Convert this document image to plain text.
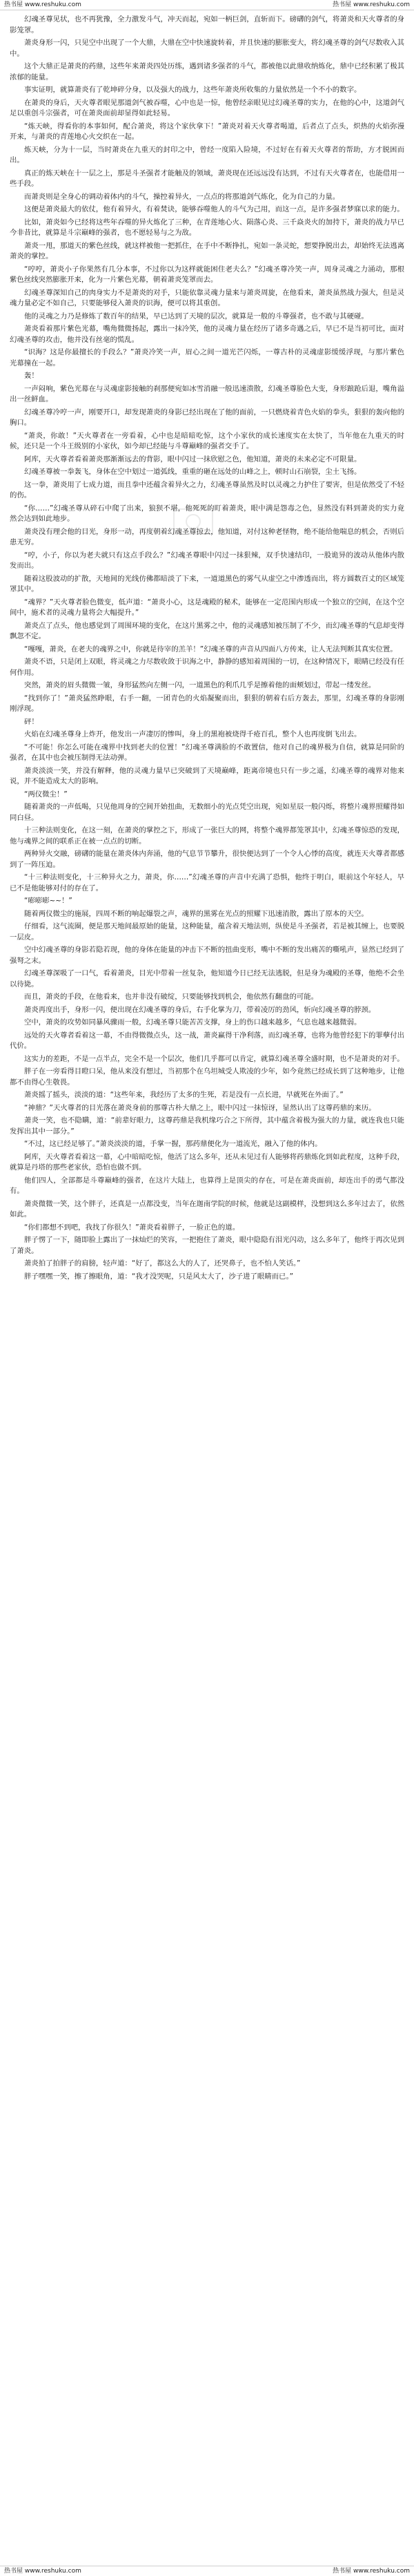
热书屋 www.reshuku.com	热书屋 www.reshuku.com

幻魂圣尊见状，也不再犹豫，全力激发斗气，冲天而起，宛如一柄巨剑，直斩而下。磅礴的剑气，将萧炎和天火尊者的身影笼罩。

萧炎身形一闪，只见空中出现了一个大鼎，大鼎在空中快速旋转着，并且快速的膨胀变大，将幻魂圣尊的剑气尽数收入其中。

这个大鼎正是萧炎的药鼎，这些年来萧炎四处历练，遇到诸多强者的斗气，都被他以此鼎收纳炼化，鼎中已经积累了极其浓郁的能量。

事实证明，就算萧炎有了乾坤碎分身，以及强大的战力，这些年萧炎所收集的力量依然是一个不小的数字。

在萧炎的身后，天火尊者眼见那道剑气被吞噬，心中也是一惊，他曾经亲眼见过幻魂圣尊的实力，在他的心中，这道剑气足以重创斗宗强者，可在萧炎面前却显得如此轻易。

“炼天峡，得看你的本事如何，配合萧炎，将这个家伙拿下！”萧炎对着天火尊者喝道，后者点了点头，炽热的火焰弥漫开来，与萧炎的青莲地心火交织在一起。

炼天峡，分为十一层，当时萧炎在九重天的封印之中，曾经一度陷入险境，不过好在有着天火尊者的帮助，方才脱困而出。

真正的炼天峡在十一层之上，那是斗圣强者才能触及的领域，萧炎现在还远远没有达到，不过有天火尊者在，也能借用一些手段。

而萧炎则是全身心的调动着体内的斗气，操控着异火，一点点的将那道剑气炼化，化为自己的力量。

这便是萧炎最大的依仗，他有着异火，有着焚诀，能够吞噬他人的斗气为己用，而这一点，是许多强者梦寐以求的能力。

比如，萧炎如今已经将这些年吞噬的异火炼化了三种，在青莲地心火、陨落心炎、三千焱炎火的加持下，萧炎的战力早已今非昔比，就算是斗宗巅峰的强者，也不愿轻易与之为敌。

萧炎一甩，那道天的紫色丝线，就这样被他一把抓住，在手中不断挣扎，宛如一条灵蛇，想要挣脱出去，却始终无法逃离萧炎的掌控。

“哼哼，萧炎小子你果然有几分本事，不过你以为这样就能困住老夫么？”幻魂圣尊冷笑一声，周身灵魂之力涌动，那根紫色丝线突然膨胀开来，化为一片紫色光幕，朝着萧炎笼罩而去。

幻魂圣尊深知自己的肉身实力不是萧炎的对手，只能依靠灵魂力量来与萧炎周旋，在他看来，萧炎虽然战力强大，但是灵魂力量必定不如自己，只要能够侵入萧炎的识海，便可以将其重创。

他的灵魂之力乃是修炼了数百年的结果，早已达到了天境的层次，就算是一般的斗尊强者，也不敢与其硬碰。

萧炎看着那片紫色光幕，嘴角微微扬起，露出一抹冷笑，他的灵魂力量在经历了诸多奇遇之后，早已不是当初可比，面对幻魂圣尊的攻击，他并没有丝毫的慌乱。

“识海？这是你最擅长的手段么？”萧炎冷笑一声，眉心之间一道光芒闪烁，一尊古朴的灵魂虚影缓缓浮现，与那片紫色光幕撞在一起。

轰！

一声闷响，紫色光幕在与灵魂虚影接触的刹那便宛如冰雪消融一般迅速溃散，幻魂圣尊脸色大变，身形踉跄后退，嘴角溢出一丝鲜血。

幻魂圣尊冷哼一声，刚要开口，却发现萧炎的身影已经出现在了他的面前，一只燃烧着青色火焰的拳头，狠狠的轰向他的胸口。

“萧炎，你敢！”天火尊者在一旁看着，心中也是暗暗吃惊，这个小家伙的成长速度实在太快了，当年他在九重天的时候，还只是一个斗王级别的小家伙，如今却已经能与斗尊巅峰的强者交手了。

阿库，天火尊者看着萧炎那渐渐远去的背影，眼中闪过一抹欣慰之色，他知道，萧炎的未来必定不可限量。

幻魂圣尊被一拳轰飞，身体在空中划过一道弧线，重重的砸在远处的山峰之上，顿时山石崩裂，尘土飞扬。

这一拳，萧炎用了七成力道，而且拳中还蕴含着异火之力，幻魂圣尊虽然及时以灵魂之力护住了要害，但是依然受了不轻的伤。

“你……”幻魂圣尊从碎石中爬了出来，狼狈不堪，他死死的盯着萧炎，眼中满是怨毒之色，显然没有料到萧炎的实力竟然会达到如此地步。

萧炎没有理会他的目光，身形一动，再度朝着幻魂圣尊掠去，他知道，对付这种老怪物，绝不能给他喘息的机会，否则后患无穷。

“哼，小子，你以为老夫就只有这点手段么？”幻魂圣尊眼中闪过一抹狠辣，双手快速结印，一股诡异的波动从他体内散发而出。

随着这股波动的扩散，天地间的光线仿佛都暗淡了下来，一道道黑色的雾气从虚空之中渗透而出，将方圆数百丈的区域笼罩其中。

“魂界？”天火尊者脸色微变，低声道：“萧炎小心，这是魂殿的秘术，能够在一定范围内形成一个独立的空间，在这个空间中，施术者的灵魂力量将会大幅提升。”

萧炎点了点头，他也感觉到了周围环境的变化，在这片黑雾之中，他的灵魂感知被压制了不少，而幻魂圣尊的气息却变得飘忽不定。

“嘎嘎，萧炎，在老夫的魂界之中，你就是待宰的羔羊！”幻魂圣尊的声音从四面八方传来，让人无法判断其真实位置。

萧炎不语，只是闭上双眼，将灵魂之力尽数收敛于识海之中，静静的感知着周围的一切，在这种情况下，眼睛已经没有任何作用。

突然，萧炎的眉头微微一皱，身形猛然向左侧一闪，一道黑色的利爪几乎是擦着他的面颊划过，带起一缕发丝。

“找到你了！”萧炎猛然睁眼，右手一翻，一团青色的火焰凝聚而出，狠狠的朝着右后方轰去，那里，幻魂圣尊的身影刚刚浮现。

砰！

火焰在幻魂圣尊身上炸开，他发出一声凄厉的惨叫，身上的黑袍被烧得千疮百孔，整个人也再度倒飞出去。

“不可能！你怎么可能在魂界中找到老夫的位置！”幻魂圣尊满脸的不敢置信，他对自己的魂界极为自信，就算是同阶的强者，在其中也会被压制得无法动弹。

萧炎淡淡一笑，并没有解释，他的灵魂力量早已突破到了天境巅峰，距离帝境也只有一步之遥，幻魂圣尊的魂界对他来说，并不能造成太大的影响。

“两仪微尘！”

随着萧炎的一声低喝，只见他周身的空间开始扭曲，无数细小的光点凭空出现，宛如星辰一般闪烁，将整片魂界照耀得如同白昼。

十三种法则变化，在这一刻，在萧炎的掌控之下，形成了一张巨大的网，将整个魂界都笼罩其中，幻魂圣尊惊恐的发现，他与魂界之间的联系正在被一点点的切断。

两种异火交融，磅礴的能量在萧炎体内奔涌，他的气息节节攀升，很快便达到了一个令人心悸的高度，就连天火尊者都感到了一阵压迫。

“十三种法则变化，十三种异火之力，萧炎，你……”幻魂圣尊的声音中充满了恐惧，他终于明白，眼前这个年轻人，早已不是他能够对付的存在了。

“嘭嘭嘭~~！”

随着两仪微尘的施展，四周不断的响起爆裂之声，魂界的黑雾在光点的照耀下迅速消散，露出了原本的天空。

仔细看，这气流圈，便是那天地间最原始的能量，这种能量，蕴含着天地法则，纵使是斗圣强者，若是被其缠上，也要脱一层皮。

空中幻魂圣尊的身影若隐若现，他的身体在能量的冲击下不断的扭曲变形，嘴中不断的发出痛苦的嘶吼声，显然已经到了强弩之末。

幻魂圣尊深吸了一口气，看着萧炎，目光中带着一丝复杂，他知道今日已经无法逃脱，但是身为魂殿的圣尊，他绝不会坐以待毙。

而且，萧炎的手段，在他看来，也并非没有破绽，只要能够找到机会，他依然有翻盘的可能。

萧炎再度出手，身形一闪，便出现在幻魂圣尊的身后，右手化掌为刀，带着凌厉的劲风，斩向幻魂圣尊的脖颈。

空中，萧炎的攻势如同暴风骤雨一般，幻魂圣尊只能苦苦支撑，身上的伤口越来越多，气息也越来越微弱。

远处的天火尊者看着这一幕，不由得微微点头，这一战，萧炎赢得干净利落，而幻魂圣尊，也将为他曾经犯下的罪孽付出代价。

这实力的差距，不是一点半点，完全不是一个层次，他们几乎都可以肯定，就算幻魂圣尊全盛时期，也不是萧炎的对手。

胖子在一旁看得目瞪口呆，他从来没有想过，当初那个在乌坦城受人欺凌的少年，如今竟然已经成长到了这种地步，让他都不由得心生敬畏。

萧炎摇了摇头，淡淡的道：“这些年来，我经历了太多的生死，若是没有一点长进，早就死在外面了。”

“神鼎？”天火尊者的目光落在萧炎身前的那尊古朴大鼎之上，眼中闪过一抹惊讶，显然认出了这尊药鼎的来历。

萧炎一笑，也不隐瞒，道：“前辈好眼力，这尊药鼎是我机缘巧合之下所得，其中蕴含着极为强大的力量，就连我也只能发挥出其中一部分。”

“不过，这已经足够了。”萧炎淡淡的道，手掌一握，那药鼎便化为一道流光，融入了他的体内。

阿库，天火尊者看着这一幕，心中暗暗吃惊，他活了这么多年，还从未见过有人能够将药鼎炼化到如此程度，这种手段，就算是丹塔的那些老家伙，恐怕也做不到。

他们四人，全部都是斗尊巅峰的强者，在这片大陆上，也算得上是顶尖的存在，可是在萧炎面前，却连出手的勇气都没有。

萧炎微微一笑，这个胖子，还真是一点都没变，当年在迦南学院的时候，他就是这副模样，没想到这么多年过去了，依然如此。

“你们都想不到吧，我找了你很久！”萧炎看着胖子，一脸正色的道。

胖子愣了一下，随即脸上露出了一抹灿烂的笑容，一把抱住了萧炎，眼中隐隐有泪光闪动，这么多年了，他终于再次见到了萧炎。

萧炎拍了拍胖子的肩膀，轻声道：“好了，都这么大的人了，还哭鼻子，也不怕人笑话。”

胖子嘿嘿一笑，擦了擦眼角，道：“我才没哭呢，只是风太大了，沙子进了眼睛而已。”

热书屋 www.reshuku.com	热书屋 www.reshuku.com
